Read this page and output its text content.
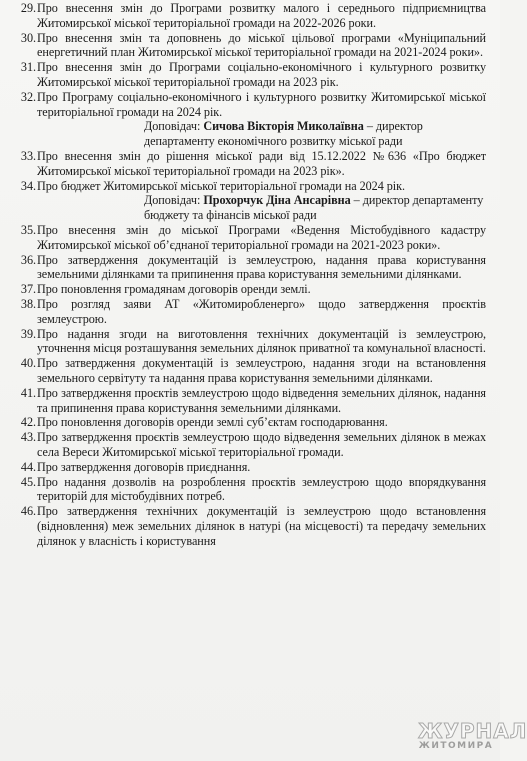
29. Про внесення змін до Програми розвитку малого і середнього підприємництва Житомирської міської територіальної громади на 2022-2026 роки.
30. Про внесення змін та доповнень до міської цільової програми «Муніципальний енергетичний план Житомирської міської територіальної громади на 2021-2024 роки».
31. Про внесення змін до Програми соціально-економічного і культурного розвитку Житомирської міської територіальної громади на 2023 рік.
32. Про Програму соціально-економічного і культурного розвитку Житомирської міської територіальної громади на 2024 рік.
Доповідач: Сичова Вікторія Миколаївна – директор департаменту економічного розвитку міської ради
33. Про внесення змін до рішення міської ради від 15.12.2022 №636 «Про бюджет Житомирської міської територіальної громади на 2023 рік».
34. Про бюджет Житомирської міської територіальної громади на 2024 рік.
Доповідач: Прохорчук Діна Ансарівна – директор департаменту бюджету та фінансів міської ради
35. Про внесення змін до міської Програми «Ведення Містобудівного кадастру Житомирської міської об’єднаної територіальної громади на 2021-2023 роки».
36. Про затвердження документацій із землеустрою, надання права користування земельними ділянками та припинення права користування земельними ділянками.
37. Про поновлення громадянам договорів оренди землі.
38. Про розгляд заяви АТ «Житомиробленерго» щодо затвердження проєктів землеустрою.
39. Про надання згоди на виготовлення технічних документацій із землеустрою, уточнення місця розташування земельних ділянок приватної та комунальної власності.
40. Про затвердження документацій із землеустрою, надання згоди на встановлення земельного сервітуту та надання права користування земельними ділянками.
41. Про затвердження проєктів землеустрою щодо відведення земельних ділянок, надання та припинення права користування земельними ділянками.
42. Про поновлення договорів оренди землі суб’єктам господарювання.
43. Про затвердження проєктів землеустрою щодо відведення земельних ділянок в межах села Вереси Житомирської міської територіальної громади.
44. Про затвердження договорів приєднання.
45. Про надання дозволів на розроблення проєктів землеустрою щодо впорядкування територій для містобудівних потреб.
46. Про затвердження технічних документацій із землеустрою щодо встановлення (відновлення) меж земельних ділянок в натурі (на місцевості) та передачу земельних ділянок у власність і користування
ЖУРНАЛ
ЖИТОМИРА
